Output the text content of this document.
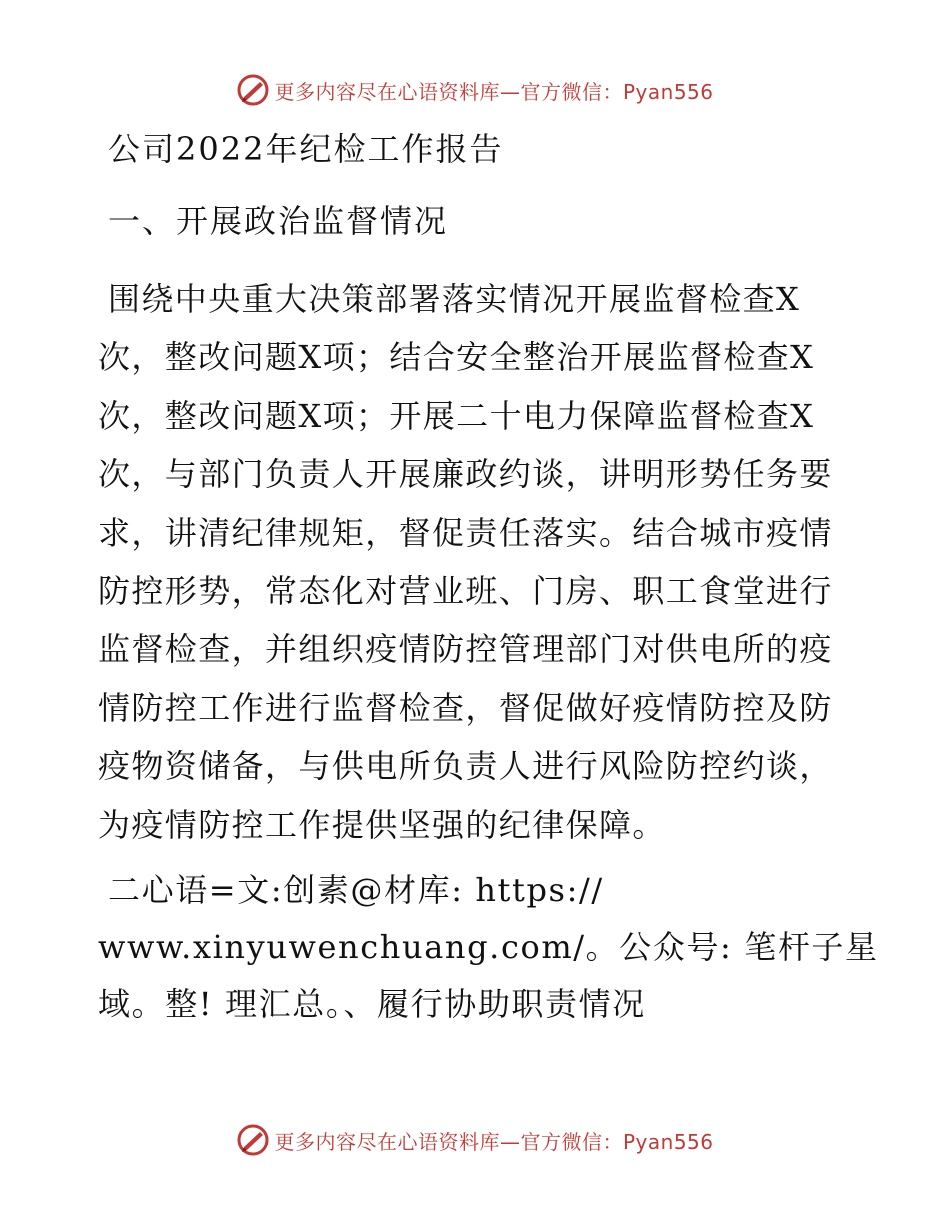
更多内容尽在心语资料库—官方微信：Pyan556
公司2022年纪检工作报告
一、开展政治监督情况
围绕中央重大决策部署落实情况开展监督检查X
次，整改问题X项；结合安全整治开展监督检查X
次，整改问题X项；开展二十电力保障监督检查X
次，与部门负责人开展廉政约谈，讲明形势任务要
求，讲清纪律规矩，督促责任落实。结合城市疫情
防控形势，常态化对营业班、门房、职工食堂进行
监督检查，并组织疫情防控管理部门对供电所的疫
情防控工作进行监督检查，督促做好疫情防控及防
疫物资储备，与供电所负责人进行风险防控约谈，
为疫情防控工作提供坚强的纪律保障。
二心语=文:创素@材库: https://
www.xinyuwenchuang.com/。公众号: 笔杆子星
域。整! 理汇总。、履行协助职责情况
更多内容尽在心语资料库—官方微信：Pyan556
